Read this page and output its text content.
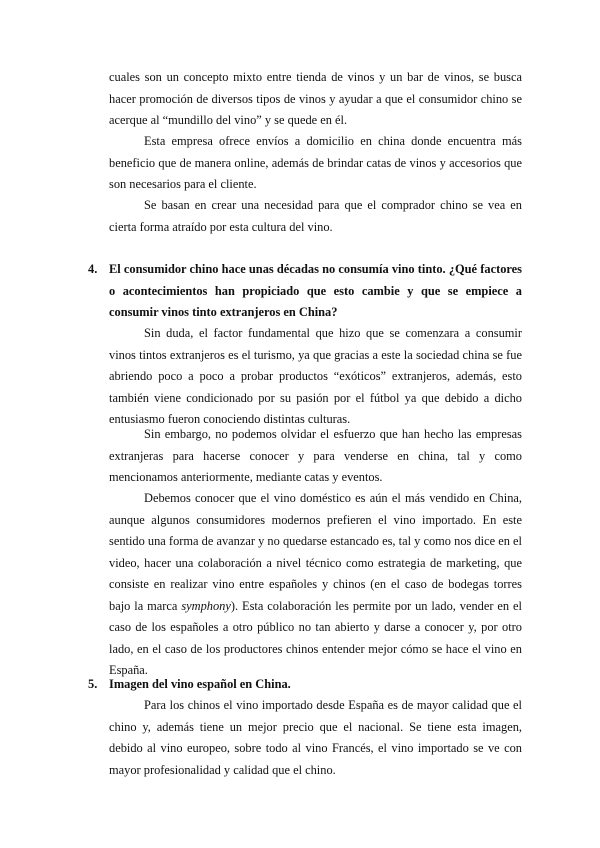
cuales son un concepto mixto entre tienda de vinos y un bar de vinos, se busca hacer promoción de diversos tipos de vinos y ayudar a que el consumidor chino se acerque al “mundillo del vino” y se quede en él.

Esta empresa ofrece envíos a domicilio en china donde encuentra más beneficio que de manera online, además de brindar catas de vinos y accesorios que son necesarios para el cliente.

Se basan en crear una necesidad para que el comprador chino se vea en cierta forma atraído por esta cultura del vino.

4. El consumidor chino hace unas décadas no consumía vino tinto. ¿Qué factores o acontecimientos han propiciado que esto cambie y que se empiece a consumir vinos tinto extranjeros en China?

Sin duda, el factor fundamental que hizo que se comenzara a consumir vinos tintos extranjeros es el turismo, ya que gracias a este la sociedad china se fue abriendo poco a poco a probar productos “exóticos” extranjeros, además, esto también viene condicionado por su pasión por el fútbol ya que debido a dicho entusiasmo fueron conociendo distintas culturas.

Sin embargo, no podemos olvidar el esfuerzo que han hecho las empresas extranjeras para hacerse conocer y para venderse en china, tal y como mencionamos anteriormente, mediante catas y eventos.

Debemos conocer que el vino doméstico es aún el más vendido en China, aunque algunos consumidores modernos prefieren el vino importado. En este sentido una forma de avanzar y no quedarse estancado es, tal y como nos dice en el video, hacer una colaboración a nivel técnico como estrategia de marketing, que consiste en realizar vino entre españoles y chinos (en el caso de bodegas torres bajo la marca symphony). Esta colaboración les permite por un lado, vender en el caso de los españoles a otro público no tan abierto y darse a conocer y, por otro lado, en el caso de los productores chinos entender mejor cómo se hace el vino en España.

5. Imagen del vino español en China.

Para los chinos el vino importado desde España es de mayor calidad que el chino y, además tiene un mejor precio que el nacional. Se tiene esta imagen, debido al vino europeo, sobre todo al vino Francés, el vino importado se ve con mayor profesionalidad y calidad que el chino.
